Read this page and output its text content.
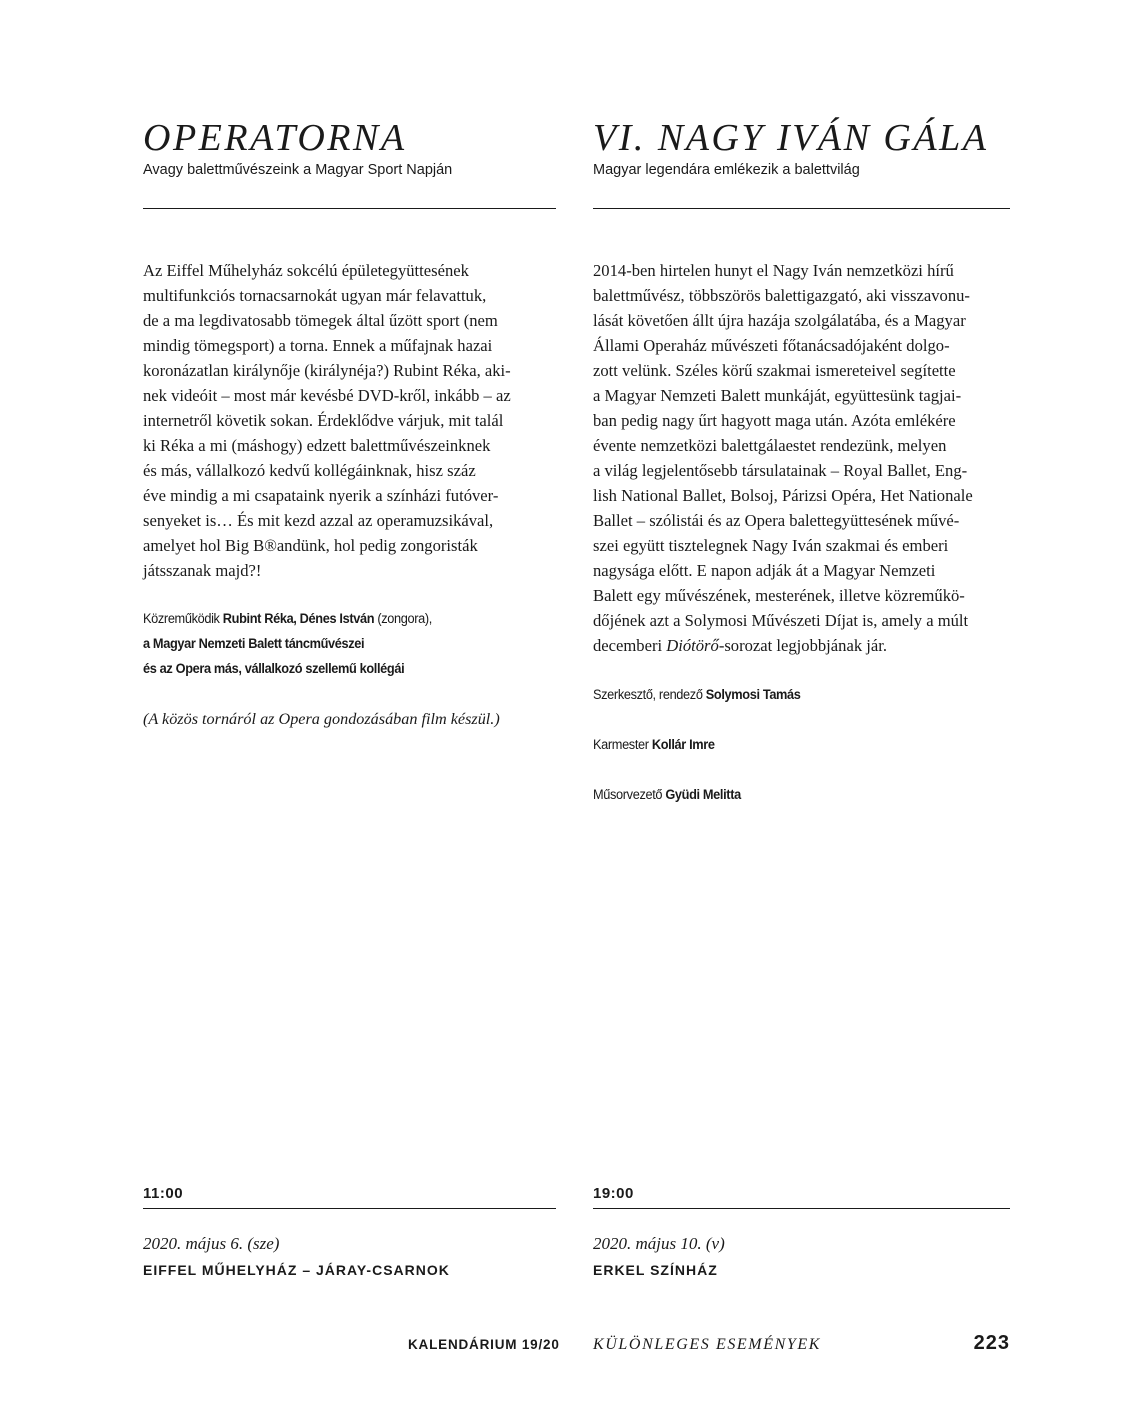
OPERATORNA

Avagy balettművészeink a Magyar Sport Napján

Az Eiffel Műhelyház sokcélú épületegyüttesének
multifunkciós tornacsarnokát ugyan már felavattuk,
de a ma legdivatosabb tömegek által űzött sport (nem
mindig tömegsport) a torna. Ennek a műfajnak hazai
koronázatlan királynője (királynéja?) Rubint Réka, aki-
nek videóit – most már kevésbé DVD-kről, inkább – az
internetről követik sokan. Érdeklődve várjuk, mit talál
ki Réka a mi (máshogy) edzett balettművészeinknek
és más, vállalkozó kedvű kollégáinknak, hisz száz
éve mindig a mi csapataink nyerik a színházi futóver-
senyeket is… És mit kezd azzal az operamuzsikával,
amelyet hol Big B®andünk, hol pedig zongoristák
játsszanak majd?!
Közreműködik Rubint Réka, Dénes István (zongora),
a Magyar Nemzeti Balett táncművészei
és az Opera más, vállalkozó szellemű kollégái

(A közös tornáról az Opera gondozásában film készül.)

11:00
2020. május 6. (sze)
EIFFEL MŰHELYHÁZ – JÁRAY-CSARNOK
VI. NAGY IVÁN GÁLA

Magyar legendára emlékezik a balettvilág

2014-ben hirtelen hunyt el Nagy Iván nemzetközi hírű
balettművész, többszörös balettigazgató, aki visszavonu-
lását követően állt újra hazája szolgálatába, és a Magyar
Állami Operaház művészeti főtanácsadójaként dolgo-
zott velünk. Széles körű szakmai ismereteivel segítette
a Magyar Nemzeti Balett munkáját, együttesünk tagjai-
ban pedig nagy űrt hagyott maga után. Azóta emlékére
évente nemzetközi balettgálaestet rendezünk, melyen
a világ legjelentősebb társulatainak – Royal Ballet, Eng-
lish National Ballet, Bolsoj, Párizsi Opéra, Het Nationale
Ballet – szólistái és az Opera balettegyüttesének művé-
szei együtt tisztelegnek Nagy Iván szakmai és emberi
nagysága előtt. E napon adják át a Magyar Nemzeti
Balett egy művészének, mesterének, illetve közreműkö-
dőjének azt a Solymosi Művészeti Díjat is, amely a múlt
decemberi Diótörő-sorozat legjobbjának jár.
Szerkesztő, rendező Solymosi Tamás
Karmester Kollár Imre
Műsorvezető Gyüdi Melitta
19:00
2020. május 10. (v)
ERKEL SZÍNHÁZ
KALENDÁRIUM 19/20 KÜLÖNLEGES ESEMÉNYEK	223
